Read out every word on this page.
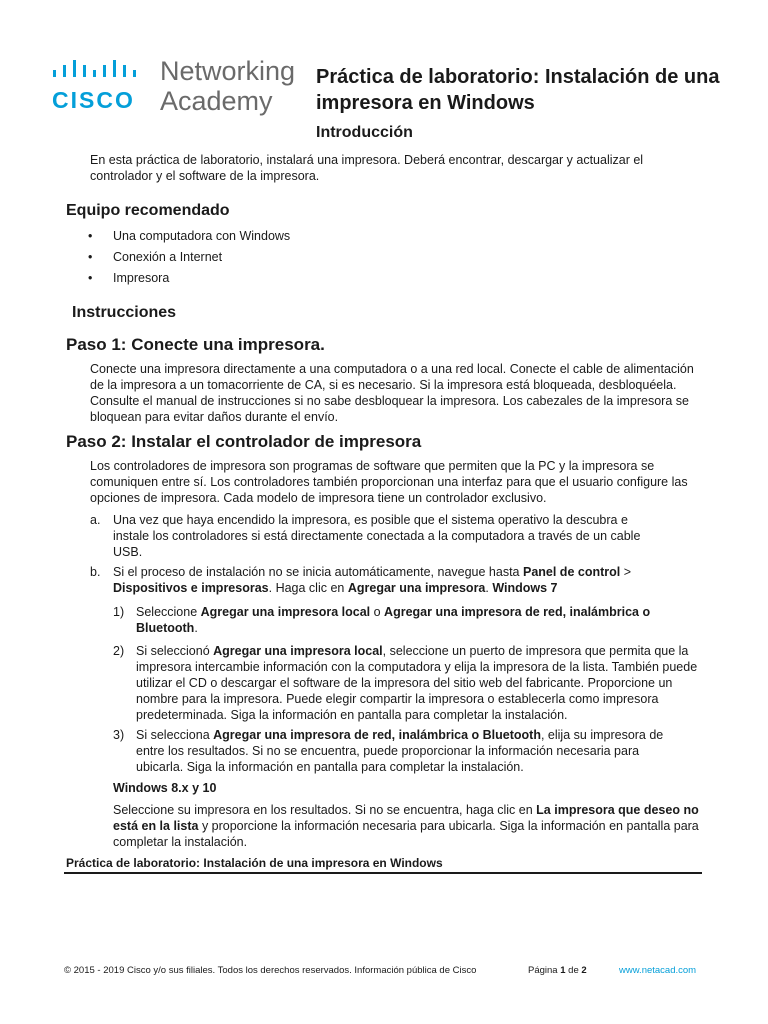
CISCO
Networking
Academy
Práctica de laboratorio: Instalación de una impresora en Windows
Introducción
En esta práctica de laboratorio, instalará una impresora. Deberá encontrar, descargar y actualizar el controlador y el software de la impresora.
Equipo recomendado
• Una computadora con Windows
• Conexión a Internet
• Impresora
Instrucciones
Paso 1: Conecte una impresora.
Conecte una impresora directamente a una computadora o a una red local. Conecte el cable de alimentación de la impresora a un tomacorriente de CA, si es necesario. Si la impresora está bloqueada, desbloquéela. Consulte el manual de instrucciones si no sabe desbloquear la impresora. Los cabezales de la impresora se bloquean para evitar daños durante el envío.
Paso 2: Instalar el controlador de impresora
Los controladores de impresora son programas de software que permiten que la PC y la impresora se comuniquen entre sí. Los controladores también proporcionan una interfaz para que el usuario configure las opciones de impresora. Cada modelo de impresora tiene un controlador exclusivo.
a. Una vez que haya encendido la impresora, es posible que el sistema operativo la descubra e instale los controladores si está directamente conectada a la computadora a través de un cable USB.
b. Si el proceso de instalación no se inicia automáticamente, navegue hasta Panel de control > Dispositivos e impresoras. Haga clic en Agregar una impresora. Windows 7
1) Seleccione Agregar una impresora local o Agregar una impresora de red, inalámbrica o Bluetooth.
2) Si seleccionó Agregar una impresora local, seleccione un puerto de impresora que permita que la impresora intercambie información con la computadora y elija la impresora de la lista. También puede utilizar el CD o descargar el software de la impresora del sitio web del fabricante. Proporcione un nombre para la impresora. Puede elegir compartir la impresora o establecerla como impresora predeterminada. Siga la información en pantalla para completar la instalación.
3) Si selecciona Agregar una impresora de red, inalámbrica o Bluetooth, elija su impresora de entre los resultados. Si no se encuentra, puede proporcionar la información necesaria para ubicarla. Siga la información en pantalla para completar la instalación.
Windows 8.x y 10
Seleccione su impresora en los resultados. Si no se encuentra, haga clic en La impresora que deseo no está en la lista y proporcione la información necesaria para ubicarla. Siga la información en pantalla para completar la instalación.
Práctica de laboratorio: Instalación de una impresora en Windows
© 2015 - 2019 Cisco y/o sus filiales. Todos los derechos reservados. Información pública de Cisco	Página 1 de 2	www.netacad.com
